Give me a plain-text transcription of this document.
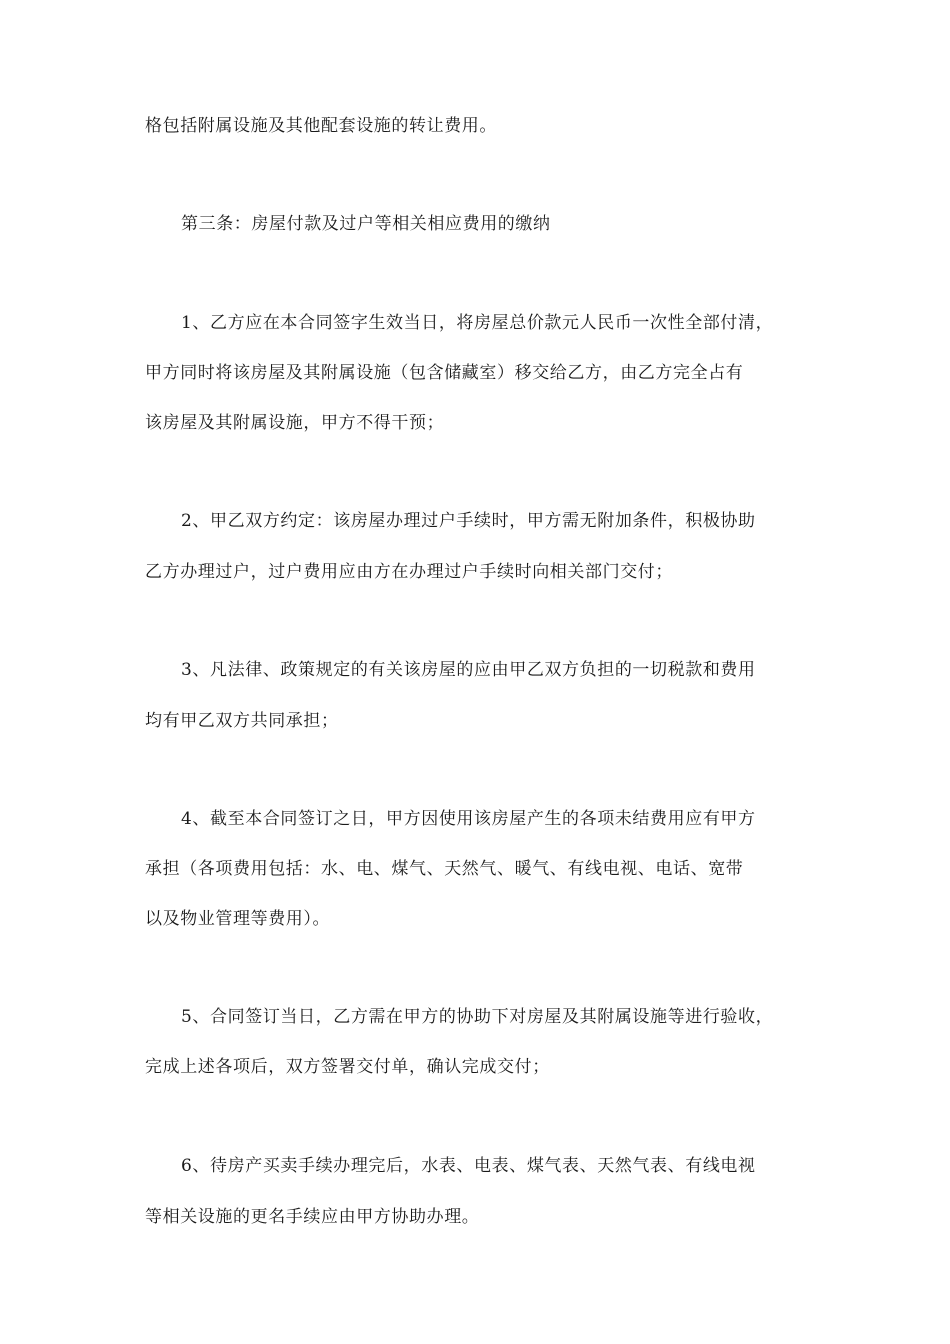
格包括附属设施及其他配套设施的转让费用。
第三条：房屋付款及过户等相关相应费用的缴纳
1、乙方应在本合同签字生效当日，将房屋总价款元人民币一次性全部付清，
甲方同时将该房屋及其附属设施（包含储藏室）移交给乙方，由乙方完全占有
该房屋及其附属设施，甲方不得干预；
2、甲乙双方约定：该房屋办理过户手续时，甲方需无附加条件，积极协助
乙方办理过户，过户费用应由方在办理过户手续时向相关部门交付；
3、凡法律、政策规定的有关该房屋的应由甲乙双方负担的一切税款和费用
均有甲乙双方共同承担；
4、截至本合同签订之日，甲方因使用该房屋产生的各项未结费用应有甲方
承担（各项费用包括：水、电、煤气、天然气、暖气、有线电视、电话、宽带
以及物业管理等费用）。
5、合同签订当日，乙方需在甲方的协助下对房屋及其附属设施等进行验收，
完成上述各项后，双方签署交付单，确认完成交付；
6、待房产买卖手续办理完后，水表、电表、煤气表、天然气表、有线电视
等相关设施的更名手续应由甲方协助办理。
